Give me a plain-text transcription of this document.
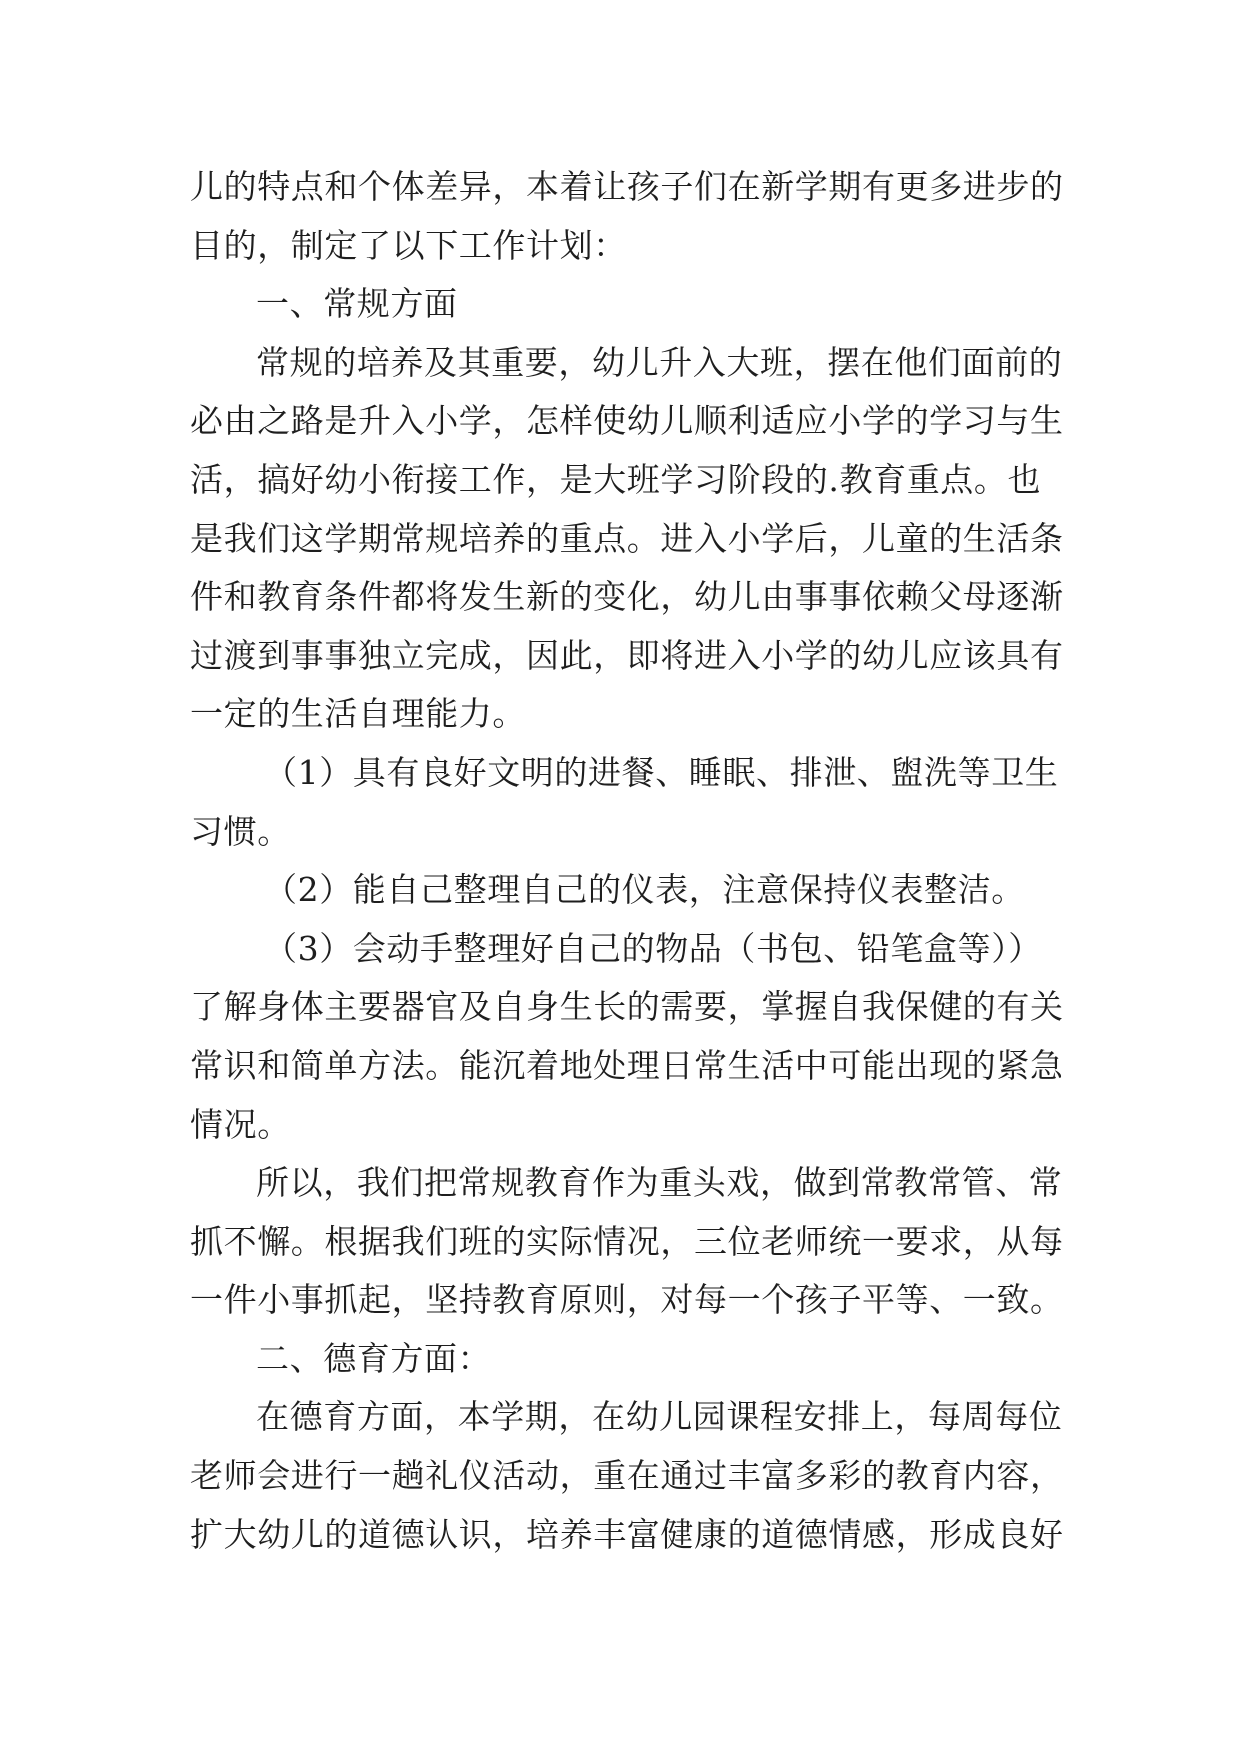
儿的特点和个体差异，本着让孩子们在新学期有更多进步的目的，制定了以下工作计划：

一、常规方面

常规的培养及其重要，幼儿升入大班，摆在他们面前的必由之路是升入小学，怎样使幼儿顺利适应小学的学习与生活，搞好幼小衔接工作，是大班学习阶段的.教育重点。也是我们这学期常规培养的重点。进入小学后，儿童的生活条件和教育条件都将发生新的变化，幼儿由事事依赖父母逐渐过渡到事事独立完成，因此，即将进入小学的幼儿应该具有一定的生活自理能力。

（1）具有良好文明的进餐、睡眠、排泄、盥洗等卫生习惯。

（2）能自己整理自己的仪表，注意保持仪表整洁。

（3）会动手整理好自己的物品（书包、铅笔盒等））了解身体主要器官及自身生长的需要，掌握自我保健的有关常识和简单方法。能沉着地处理日常生活中可能出现的紧急情况。

所以，我们把常规教育作为重头戏，做到常教常管、常抓不懈。根据我们班的实际情况，三位老师统一要求，从每一件小事抓起，坚持教育原则，对每一个孩子平等、一致。

二、德育方面：

在德育方面，本学期，在幼儿园课程安排上，每周每位老师会进行一趟礼仪活动，重在通过丰富多彩的教育内容，扩大幼儿的道德认识，培养丰富健康的道德情感，形成良好
